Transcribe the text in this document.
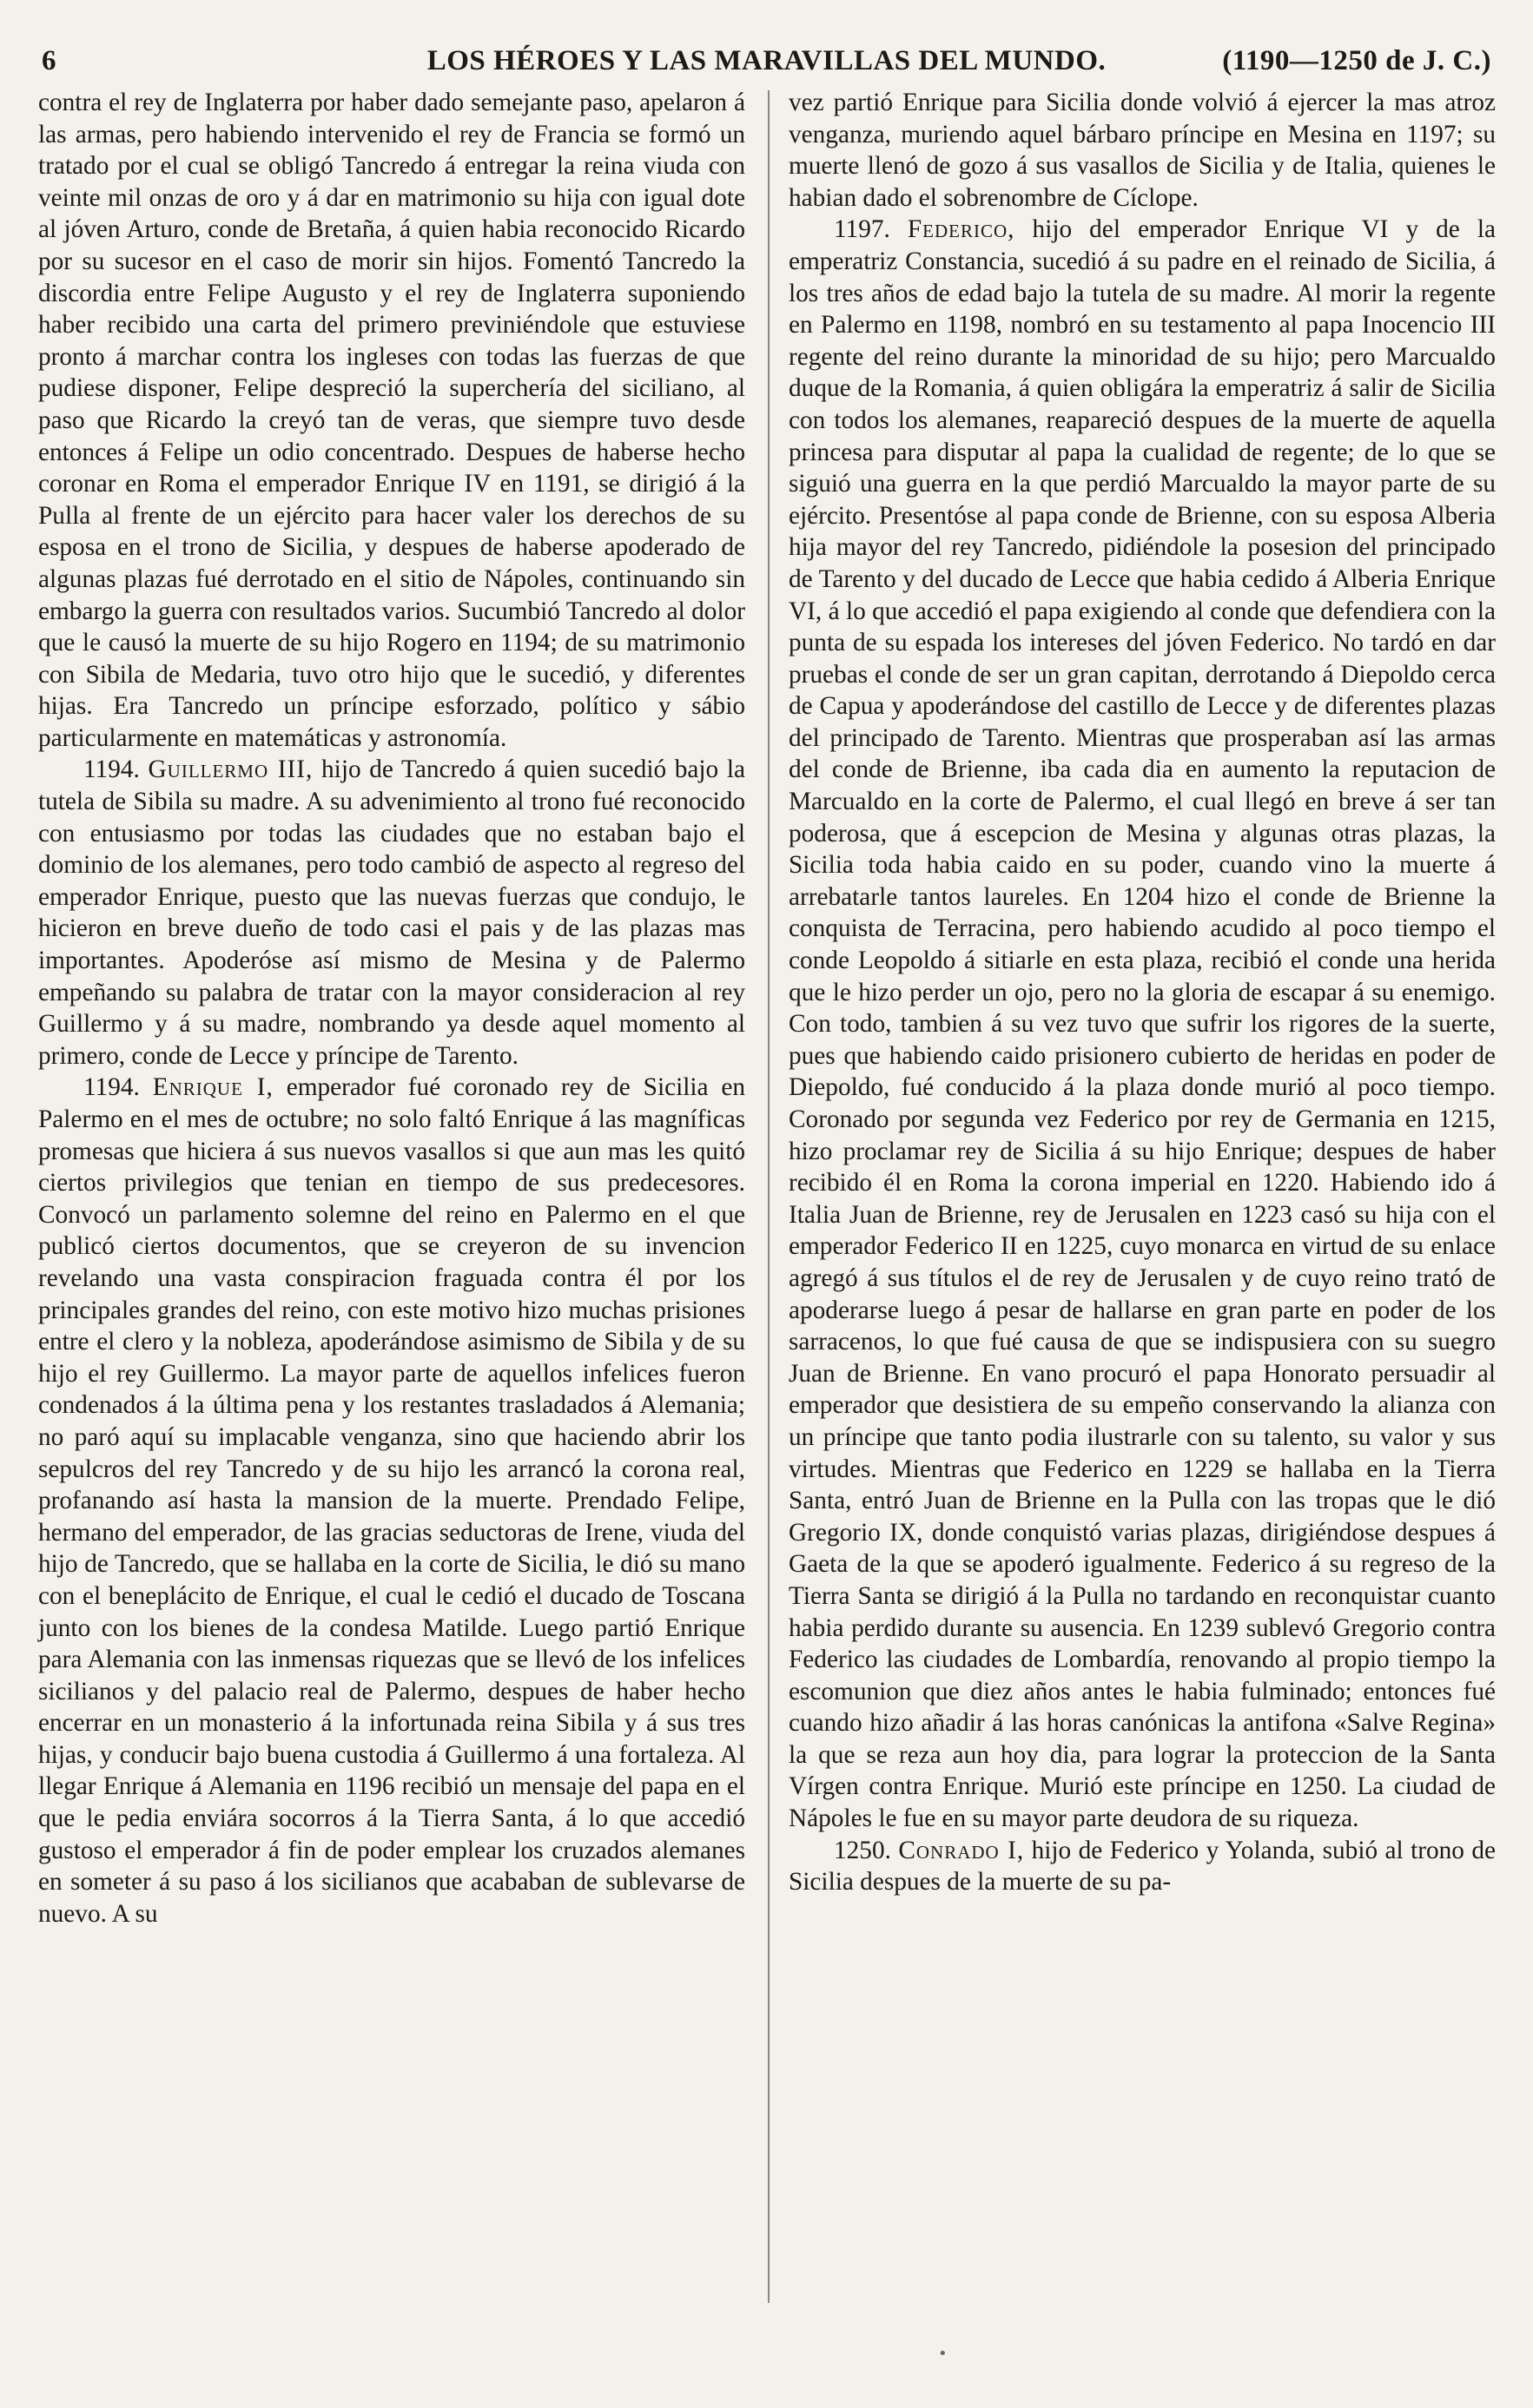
6	LOS HÉROES Y LAS MARAVILLAS DEL MUNDO.	(1190—1250 de J. C.)

contra el rey de Inglaterra por haber dado semejante paso, apelaron á las armas, pero habiendo intervenido el rey de Francia se formó un tratado por el cual se obligó Tancredo á entregar la reina viuda con veinte mil onzas de oro y á dar en matrimonio su hija con igual dote al jóven Arturo, conde de Bretaña, á quien habia reconocido Ricardo por su sucesor en el caso de morir sin hijos. Fomentó Tancredo la discordia entre Felipe Augusto y el rey de Inglaterra suponiendo haber recibido una carta del primero previniéndole que estuviese pronto á marchar contra los ingleses con todas las fuerzas de que pudiese disponer, Felipe despreció la superchería del siciliano, al paso que Ricardo la creyó tan de veras, que siempre tuvo desde entonces á Felipe un odio concentrado. Despues de haberse hecho coronar en Roma el emperador Enrique IV en 1191, se dirigió á la Pulla al frente de un ejército para hacer valer los derechos de su esposa en el trono de Sicilia, y despues de haberse apoderado de algunas plazas fué derrotado en el sitio de Nápoles, continuando sin embargo la guerra con resultados varios. Sucumbió Tancredo al dolor que le causó la muerte de su hijo Rogero en 1194; de su matrimonio con Sibila de Medaria, tuvo otro hijo que le sucedió, y diferentes hijas. Era Tancredo un príncipe esforzado, político y sábio particularmente en matemáticas y astronomía.

1194. Guillermo III, hijo de Tancredo á quien sucedió bajo la tutela de Sibila su madre. A su advenimiento al trono fué reconocido con entusiasmo por todas las ciudades que no estaban bajo el dominio de los alemanes, pero todo cambió de aspecto al regreso del emperador Enrique, puesto que las nuevas fuerzas que condujo, le hicieron en breve dueño de todo casi el pais y de las plazas mas importantes. Apoderóse así mismo de Mesina y de Palermo empeñando su palabra de tratar con la mayor consideracion al rey Guillermo y á su madre, nombrando ya desde aquel momento al primero, conde de Lecce y príncipe de Tarento.

1194. Enrique I, emperador fué coronado rey de Sicilia en Palermo en el mes de octubre; no solo faltó Enrique á las magníficas promesas que hiciera á sus nuevos vasallos si que aun mas les quitó ciertos privilegios que tenian en tiempo de sus predecesores. Convocó un parlamento solemne del reino en Palermo en el que publicó ciertos documentos, que se creyeron de su invencion revelando una vasta conspiracion fraguada contra él por los principales grandes del reino, con este motivo hizo muchas prisiones entre el clero y la nobleza, apoderándose asimismo de Sibila y de su hijo el rey Guillermo. La mayor parte de aquellos infelices fueron condenados á la última pena y los restantes trasladados á Alemania; no paró aquí su implacable venganza, sino que haciendo abrir los sepulcros del rey Tancredo y de su hijo les arrancó la corona real, profanando así hasta la mansion de la muerte. Prendado Felipe, hermano del emperador, de las gracias seductoras de Irene, viuda del hijo de Tancredo, que se hallaba en la corte de Sicilia, le dió su mano con el beneplácito de Enrique, el cual le cedió el ducado de Toscana junto con los bienes de la condesa Matilde. Luego partió Enrique para Alemania con las inmensas riquezas que se llevó de los infelices sicilianos y del palacio real de Palermo, despues de haber hecho encerrar en un monasterio á la infortunada reina Sibila y á sus tres hijas, y conducir bajo buena custodia á Guillermo á una fortaleza. Al llegar Enrique á Alemania en 1196 recibió un mensaje del papa en el que le pedia enviára socorros á la Tierra Santa, á lo que accedió gustoso el emperador á fin de poder emplear los cruzados alemanes en someter á su paso á los sicilianos que acababan de sublevarse de nuevo. A su

vez partió Enrique para Sicilia donde volvió á ejercer la mas atroz venganza, muriendo aquel bárbaro príncipe en Mesina en 1197; su muerte llenó de gozo á sus vasallos de Sicilia y de Italia, quienes le habian dado el sobrenombre de Cíclope.

1197. Federico, hijo del emperador Enrique VI y de la emperatriz Constancia, sucedió á su padre en el reinado de Sicilia, á los tres años de edad bajo la tutela de su madre. Al morir la regente en Palermo en 1198, nombró en su testamento al papa Inocencio III regente del reino durante la minoridad de su hijo; pero Marcualdo duque de la Romania, á quien obligára la emperatriz á salir de Sicilia con todos los alemanes, reapareció despues de la muerte de aquella princesa para disputar al papa la cualidad de regente; de lo que se siguió una guerra en la que perdió Marcualdo la mayor parte de su ejército. Presentóse al papa conde de Brienne, con su esposa Alberia hija mayor del rey Tancredo, pidiéndole la posesion del principado de Tarento y del ducado de Lecce que habia cedido á Alberia Enrique VI, á lo que accedió el papa exigiendo al conde que defendiera con la punta de su espada los intereses del jóven Federico. No tardó en dar pruebas el conde de ser un gran capitan, derrotando á Diepoldo cerca de Capua y apoderándose del castillo de Lecce y de diferentes plazas del principado de Tarento. Mientras que prosperaban así las armas del conde de Brienne, iba cada dia en aumento la reputacion de Marcualdo en la corte de Palermo, el cual llegó en breve á ser tan poderosa, que á escepcion de Mesina y algunas otras plazas, la Sicilia toda habia caido en su poder, cuando vino la muerte á arrebatarle tantos laureles. En 1204 hizo el conde de Brienne la conquista de Terracina, pero habiendo acudido al poco tiempo el conde Leopoldo á sitiarle en esta plaza, recibió el conde una herida que le hizo perder un ojo, pero no la gloria de escapar á su enemigo. Con todo, tambien á su vez tuvo que sufrir los rigores de la suerte, pues que habiendo caido prisionero cubierto de heridas en poder de Diepoldo, fué conducido á la plaza donde murió al poco tiempo. Coronado por segunda vez Federico por rey de Germania en 1215, hizo proclamar rey de Sicilia á su hijo Enrique; despues de haber recibido él en Roma la corona imperial en 1220. Habiendo ido á Italia Juan de Brienne, rey de Jerusalen en 1223 casó su hija con el emperador Federico II en 1225, cuyo monarca en virtud de su enlace agregó á sus títulos el de rey de Jerusalen y de cuyo reino trató de apoderarse luego á pesar de hallarse en gran parte en poder de los sarracenos, lo que fué causa de que se indispusiera con su suegro Juan de Brienne. En vano procuró el papa Honorato persuadir al emperador que desistiera de su empeño conservando la alianza con un príncipe que tanto podia ilustrarle con su talento, su valor y sus virtudes. Mientras que Federico en 1229 se hallaba en la Tierra Santa, entró Juan de Brienne en la Pulla con las tropas que le dió Gregorio IX, donde conquistó varias plazas, dirigiéndose despues á Gaeta de la que se apoderó igualmente. Federico á su regreso de la Tierra Santa se dirigió á la Pulla no tardando en reconquistar cuanto habia perdido durante su ausencia. En 1239 sublevó Gregorio contra Federico las ciudades de Lombardía, renovando al propio tiempo la escomunion que diez años antes le habia fulminado; entonces fué cuando hizo añadir á las horas canónicas la antifona «Salve Regina» la que se reza aun hoy dia, para lograr la proteccion de la Santa Vírgen contra Enrique. Murió este príncipe en 1250. La ciudad de Nápoles le fue en su mayor parte deudora de su riqueza.

1250. Conrado I, hijo de Federico y Yolanda, subió al trono de Sicilia despues de la muerte de su pa-

•
